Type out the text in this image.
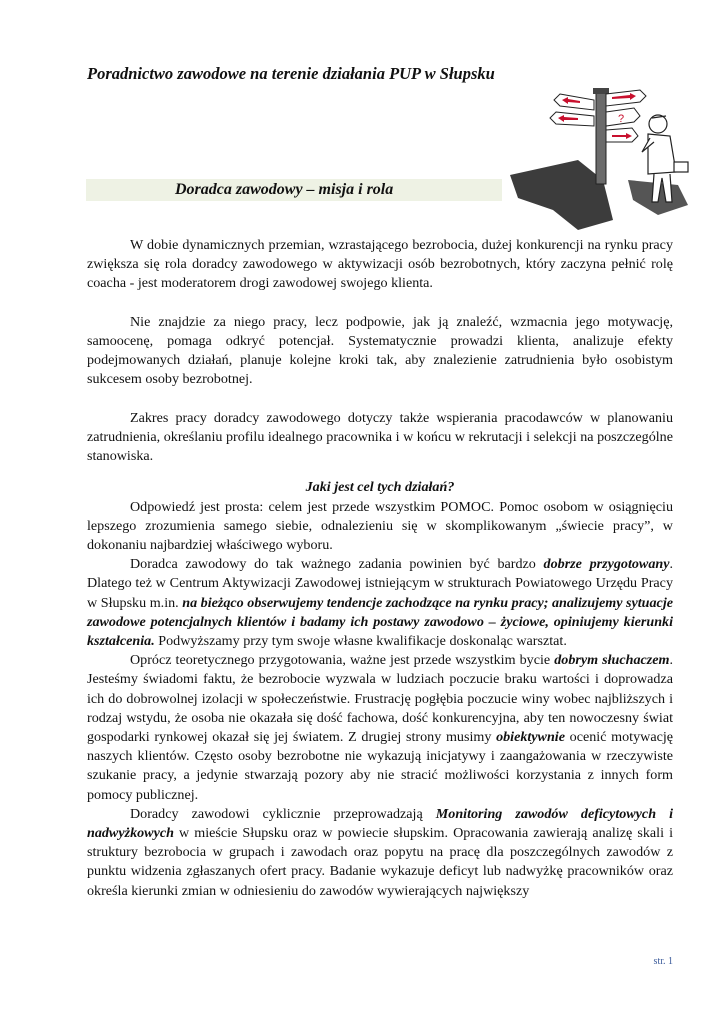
Poradnictwo zawodowe na terenie działania PUP w Słupsku
Doradca zawodowy – misja i rola
?

W dobie dynamicznych przemian, wzrastającego bezrobocia, dużej konkurencji na rynku pracy zwiększa się rola doradcy zawodowego w aktywizacji osób bezrobotnych, który zaczyna pełnić rolę coacha - jest moderatorem drogi zawodowej swojego klienta.

Nie znajdzie za niego pracy, lecz podpowie, jak ją znaleźć, wzmacnia jego motywację, samoocenę, pomaga odkryć potencjał. Systematycznie prowadzi klienta, analizuje efekty podejmowanych działań, planuje kolejne kroki tak, aby znalezienie zatrudnienia było osobistym sukcesem osoby bezrobotnej.

Zakres pracy doradcy zawodowego dotyczy także wspierania pracodawców w planowaniu zatrudnienia, określaniu profilu idealnego pracownika i w końcu w rekrutacji i selekcji na poszczególne stanowiska.

Jaki jest cel tych działań?

Odpowiedź jest prosta: celem jest przede wszystkim POMOC. Pomoc osobom w osiągnięciu lepszego zrozumienia samego siebie, odnalezieniu się w skomplikowanym „świecie pracy”, w dokonaniu najbardziej właściwego wyboru.

Doradca zawodowy do tak ważnego zadania powinien być bardzo dobrze przygotowany. Dlatego też w Centrum Aktywizacji Zawodowej istniejącym w strukturach Powiatowego Urzędu Pracy w Słupsku m.in. na bieżąco obserwujemy tendencje zachodzące na rynku pracy; analizujemy sytuacje zawodowe potencjalnych klientów i badamy ich postawy zawodowo – życiowe, opiniujemy kierunki kształcenia. Podwyższamy przy tym swoje własne kwalifikacje doskonaląc warsztat.

Oprócz teoretycznego przygotowania, ważne jest przede wszystkim bycie dobrym słuchaczem. Jesteśmy świadomi faktu, że bezrobocie wyzwala w ludziach poczucie braku wartości i doprowadza ich do dobrowolnej izolacji w społeczeństwie. Frustrację pogłębia poczucie winy wobec najbliższych i rodzaj wstydu, że osoba nie okazała się dość fachowa, dość konkurencyjna, aby ten nowoczesny świat gospodarki rynkowej okazał się jej światem. Z drugiej strony musimy obiektywnie ocenić motywację naszych klientów. Często osoby bezrobotne nie wykazują inicjatywy i zaangażowania w rzeczywiste szukanie pracy, a jedynie stwarzają pozory aby nie stracić możliwości korzystania z innych form pomocy publicznej.

Doradcy zawodowi cyklicznie przeprowadzają Monitoring zawodów deficytowych i nadwyżkowych w mieście Słupsku oraz w powiecie słupskim. Opracowania zawierają analizę skali i struktury bezrobocia w grupach i zawodach oraz popytu na pracę dla poszczególnych zawodów z punktu widzenia zgłaszanych ofert pracy. Badanie wykazuje deficyt lub nadwyżkę pracowników oraz określa kierunki zmian w odniesieniu do zawodów wywierających największy

str. 1
